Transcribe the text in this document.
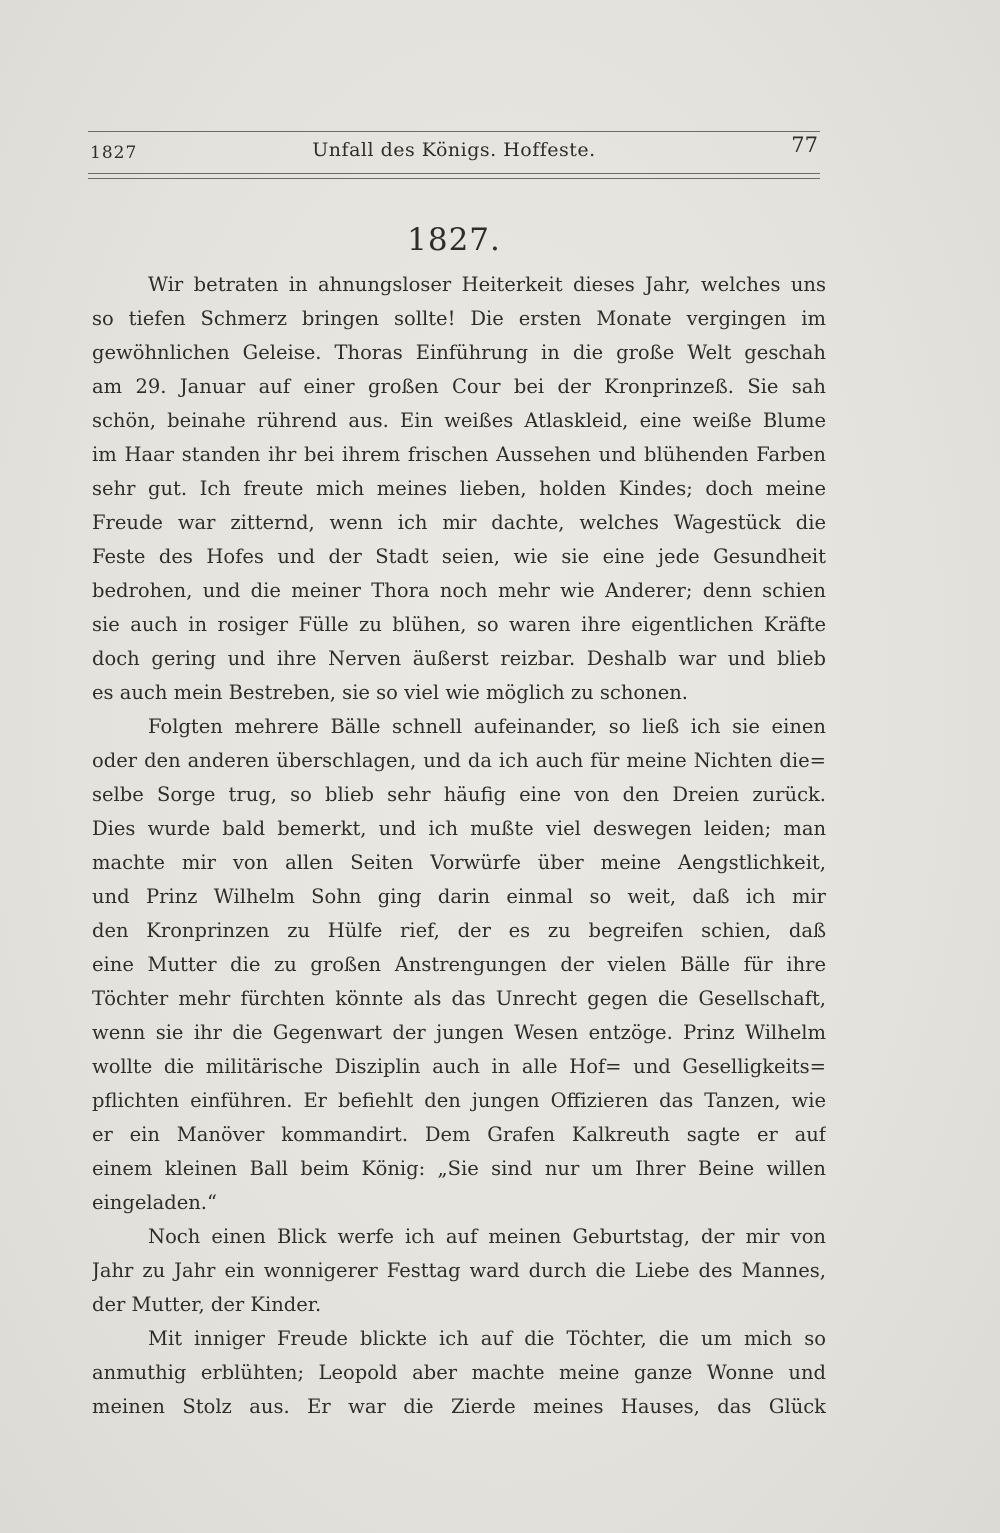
1827	Unfall des Königs. Hoffeste.	77
1827.
Wir betraten in ahnungsloser Heiterkeit dieses Jahr, welches uns
so tiefen Schmerz bringen sollte! Die ersten Monate vergingen im
gewöhnlichen Geleise. Thoras Einführung in die große Welt geschah
am 29. Januar auf einer großen Cour bei der Kronprinzeß. Sie sah
schön, beinahe rührend aus. Ein weißes Atlaskleid, eine weiße Blume
im Haar standen ihr bei ihrem frischen Aussehen und blühenden Farben
sehr gut. Ich freute mich meines lieben, holden Kindes; doch meine
Freude war zitternd, wenn ich mir dachte, welches Wagestück die
Feste des Hofes und der Stadt seien, wie sie eine jede Gesundheit
bedrohen, und die meiner Thora noch mehr wie Anderer; denn schien
sie auch in rosiger Fülle zu blühen, so waren ihre eigentlichen Kräfte
doch gering und ihre Nerven äußerst reizbar. Deshalb war und blieb
es auch mein Bestreben, sie so viel wie möglich zu schonen.
Folgten mehrere Bälle schnell aufeinander, so ließ ich sie einen
oder den anderen überschlagen, und da ich auch für meine Nichten die=
selbe Sorge trug, so blieb sehr häufig eine von den Dreien zurück.
Dies wurde bald bemerkt, und ich mußte viel deswegen leiden; man
machte mir von allen Seiten Vorwürfe über meine Aengstlichkeit,
und Prinz Wilhelm Sohn ging darin einmal so weit, daß ich mir
den Kronprinzen zu Hülfe rief, der es zu begreifen schien, daß
eine Mutter die zu großen Anstrengungen der vielen Bälle für ihre
Töchter mehr fürchten könnte als das Unrecht gegen die Gesellschaft,
wenn sie ihr die Gegenwart der jungen Wesen entzöge. Prinz Wilhelm
wollte die militärische Disziplin auch in alle Hof= und Geselligkeits=
pflichten einführen. Er befiehlt den jungen Offizieren das Tanzen, wie
er ein Manöver kommandirt. Dem Grafen Kalkreuth sagte er auf
einem kleinen Ball beim König: „Sie sind nur um Ihrer Beine willen
eingeladen.“
Noch einen Blick werfe ich auf meinen Geburtstag, der mir von
Jahr zu Jahr ein wonnigerer Festtag ward durch die Liebe des Mannes,
der Mutter, der Kinder.
Mit inniger Freude blickte ich auf die Töchter, die um mich so
anmuthig erblühten; Leopold aber machte meine ganze Wonne und
meinen Stolz aus. Er war die Zierde meines Hauses, das Glück
